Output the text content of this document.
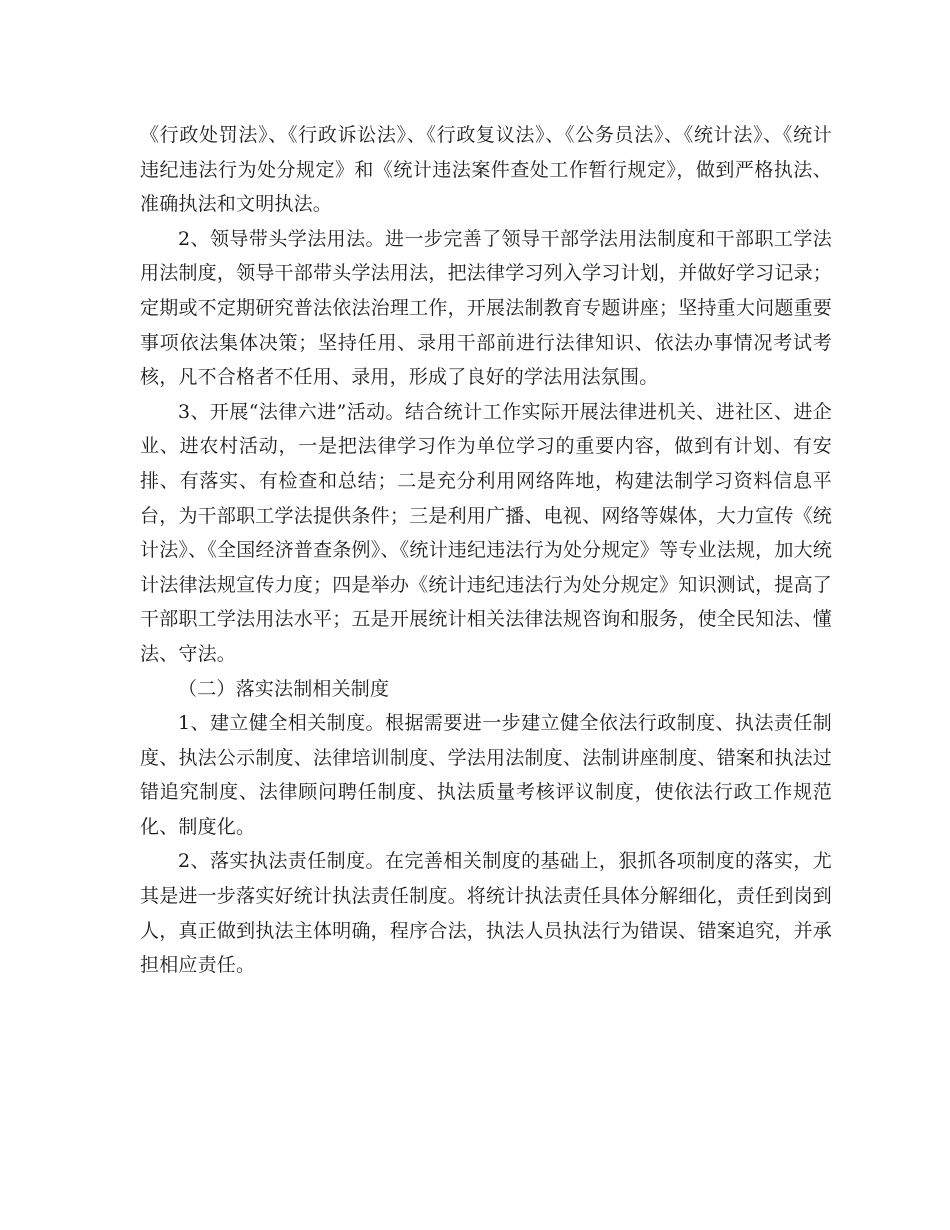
《行政处罚法》、《行政诉讼法》、《行政复议法》、《公务员法》、《统计法》、《统计违纪违法行为处分规定》和《统计违法案件查处工作暂行规定》，做到严格执法、准确执法和文明执法。

2、领导带头学法用法。进一步完善了领导干部学法用法制度和干部职工学法用法制度，领导干部带头学法用法，把法律学习列入学习计划，并做好学习记录；定期或不定期研究普法依法治理工作，开展法制教育专题讲座；坚持重大问题重要事项依法集体决策；坚持任用、录用干部前进行法律知识、依法办事情况考试考核，凡不合格者不任用、录用，形成了良好的学法用法氛围。

3、开展“法律六进”活动。结合统计工作实际开展法律进机关、进社区、进企业、进农村活动，一是把法律学习作为单位学习的重要内容，做到有计划、有安排、有落实、有检查和总结；二是充分利用网络阵地，构建法制学习资料信息平台，为干部职工学法提供条件；三是利用广播、电视、网络等媒体，大力宣传《统计法》、《全国经济普查条例》、《统计违纪违法行为处分规定》等专业法规，加大统计法律法规宣传力度；四是举办《统计违纪违法行为处分规定》知识测试，提高了干部职工学法用法水平；五是开展统计相关法律法规咨询和服务，使全民知法、懂法、守法。

（二）落实法制相关制度

1、建立健全相关制度。根据需要进一步建立健全依法行政制度、执法责任制度、执法公示制度、法律培训制度、学法用法制度、法制讲座制度、错案和执法过错追究制度、法律顾问聘任制度、执法质量考核评议制度，使依法行政工作规范化、制度化。

2、落实执法责任制度。在完善相关制度的基础上，狠抓各项制度的落实，尤其是进一步落实好统计执法责任制度。将统计执法责任具体分解细化，责任到岗到人，真正做到执法主体明确，程序合法，执法人员执法行为错误、错案追究，并承担相应责任。
